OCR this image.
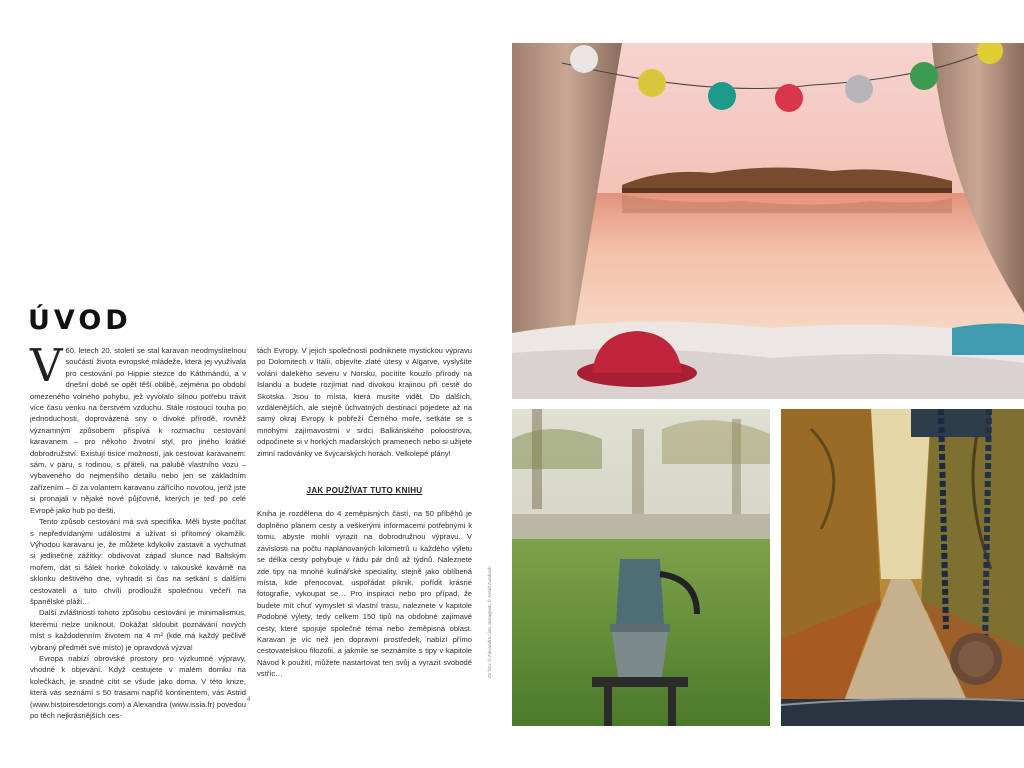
ÚVOD

V 60. letech 20. století se stal karavan neodmyslitelnou součástí života evropské mládeže, která jej využívala pro cestování po Hippie stezce do Káthmándú, a v dnešní době se opět těší oblibě, zejména po období omezeného volného pohybu, jež vyvolalo silnou potřebu trávit více času venku na čerstvém vzduchu. Stále rostoucí touha po jednoduchosti, doprovázená sny o divoké přírodě, rovněž významným způsobem přispívá k rozmachu cestování karavanem – pro někoho životní styl, pro jiného krátké dobrodružství. Existují tisíce možností, jak cestovat karavanem: sám, v páru, s rodinou, s přáteli, na palubě vlastního vozu – vybaveného do nejmenšího detailu nebo jen se základním zařízením – či za volantem karavanu zářícího novotou, jenž jste si pronajali v nějaké nové půjčovně, kterých je teď po celé Evropě jako hub po dešti.

Tento způsob cestování má svá specifika. Měli byste počítat s nepředvídanými událostmi a užívat si přítomný okamžik. Výhodou karavanu je, že můžete kdykoliv zastavit a vychutnat si jedinečné zážitky: obdivovat západ slunce nad Baltským mořem, dát si šálek horké čokolády v rakouské kavárně na sklonku deštivého dne, vyhradit si čas na setkání s dalšími cestovateli a tuto chvíli prodloužit společnou večeří na španělské pláži…

Další zvláštností tohoto způsobu cestování je minimalismus, kterému nelze uniknout. Dokážat skloubit poznávání nových míst s každodenním životem na 4 m² (kde má každý pečlivě vybraný předmět své místo) je opravdová výzva!

Evropa nabízí obrovské prostory pro výzkumné výpravy, vhodné k objevání. Když cestujete v malém domku na kolečkách, je snadné cítit se všude jako doma. V této knize, která vás seznámí s 50 trasami napříč kontinentem, vás Astrid (www.histoiresdetongs.com) a Alexandra (www.issia.fr) povedou po těch nejkrásnějších ces-

tách Evropy. V jejich společnosti podniknete mystickou výpravu po Dolomitech v Itálii, objevíte zlaté útesy v Algarve, vyslyšíte volání dalekého severu v Norsku, pocítíte kouzlo přírody na Islandu a budete rozjímat nad divokou krajinou při cestě do Skotska. Jsou to místa, která musíte vidět. Do dalších, vzdálenějších, ale stejně úchvatných destinací pojedete až na samý okraj Evropy k pobřeží Černého moře, setkáte se s mnohými zajímavostmi v srdci Balkánského poloostrova, odpočinete si v horkých maďarských pramenech nebo si užijete zimní radovánky ve švýcarských horách. Velkolepé plány!

JAK POUŽÍVAT TUTO KNIHU

Kniha je rozdělena do 4 zeměpisných částí, na 50 příběhů je doplněno plánem cesty a veškerými informacemi potřebnými k tomu, abyste mohli vyrazit na dobrodružnou výpravu. V závislosti na počtu naplánovaných kilometrů u každého výletu se délka cesty pohybuje v řádu pár dnů až týdnů. Naleznete zde tipy na mnohé kulinářské speciality, stejně jako oblíbená místa, kde přenocovat, uspořádat piknik, pořídit krásné fotografie, vykoupat se… Pro inspiraci nebo pro případ, že budete mít chuť vymyslet si vlastní trasu, naleznete v kapitole Podobné výlety, tedy celkem 150 tipů na obdobné zajímavé cesty, které spojuje společné téma nebo zeměpisná oblast. Karavan je víc než jen dopravní prostředek, nabízí přímo cestovatelskou filozofii, a jakmile se seznámíte s tipy v kapitole Návod k použití, můžete nastartovat ten svůj a vyrazit svobodě vstříc…

4
Ze foto: © Alexandra Lian, Instagram, © Astrid Zumbach
